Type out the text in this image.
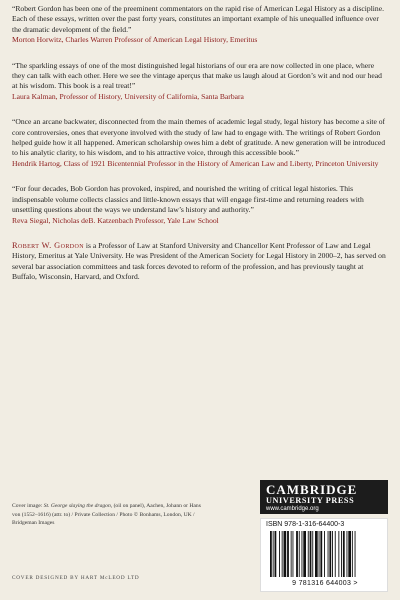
“Robert Gordon has been one of the preeminent commentators on the rapid rise of American Legal History as a discipline. Each of these essays, written over the past forty years, constitutes an important example of his unequalled influence over the dramatic development of the field.”

Morton Horwitz, Charles Warren Professor of American Legal History, Emeritus

“The sparkling essays of one of the most distinguished legal historians of our era are now collected in one place, where they can talk with each other. Here we see the vintage aperçus that make us laugh aloud at Gordon’s wit and nod our head at his wisdom. This book is a real treat!”

Laura Kalman, Professor of History, University of California, Santa Barbara

“Once an arcane backwater, disconnected from the main themes of academic legal study, legal history has become a site of core controversies, ones that everyone involved with the study of law had to engage with. The writings of Robert Gordon helped guide how it all happened. American scholarship owes him a debt of gratitude. A new generation will be introduced to his analytic clarity, to his wisdom, and to his attractive voice, through this accessible book.”

Hendrik Hartog, Class of 1921 Bicentennial Professor in the History of American Law and Liberty, Princeton University

“For four decades, Bob Gordon has provoked, inspired, and nourished the writing of critical legal histories. This indispensable volume collects classics and little-known essays that will engage first-time and returning readers with unsettling questions about the ways we understand law’s history and authority.”

Reva Siegal, Nicholas deB. Katzenbach Professor, Yale Law School

Robert W. Gordon is a Professor of Law at Stanford University and Chancellor Kent Professor of Law and Legal History, Emeritus at Yale University. He was President of the American Society for Legal History in 2000–2, has served on several bar association committees and task forces devoted to reform of the profession, and has previously taught at Buffalo, Wisconsin, Harvard, and Oxford.

Cover image: St. George slaying the dragon, (oil on panel), Aachen, Johann or Hans von (1552–1616) (attr. to) / Private Collection / Photo © Bonhams, London, UK / Bridgeman Images

COVER DESIGNED BY HART McLEOD LTD

CAMBRIDGE
UNIVERSITY PRESS
www.cambridge.org
ISBN 978-1-316-64400-3
9 781316 644003 >
